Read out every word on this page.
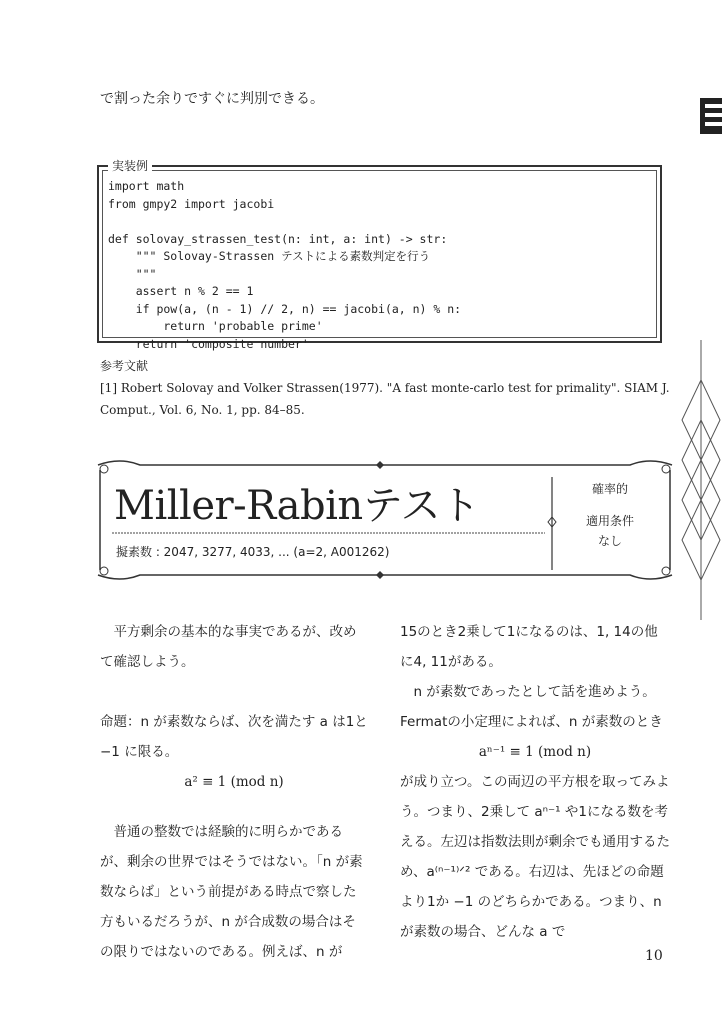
で割った余りですぐに判別できる。
実装例
import math
from gmpy2 import jacobi

def solovay_strassen_test(n: int, a: int) -> str:
""" Solovay-Strassen テストによる素数判定を行う
"""
assert n % 2 == 1
if pow(a, (n - 1) // 2, n) == jacobi(a, n) % n:
return 'probable prime'
return 'composite number'
参考文献
[1] Robert Solovay and Volker Strassen(1977). "A fast monte-carlo test for primality". SIAM J. Comput., Vol. 6, No. 1, pp. 84–85.
Miller-Rabinテスト
擬素数 : 2047, 3277, 4033, ... (a=2, A001262)
確率的
適用条件
なし

平方剰余の基本的な事実であるが、改めて確認しよう。

命題：n が素数ならば、次を満たす a は1と −1 に限る。

a² ≡ 1 (mod n)

普通の整数では経験的に明らかであるが、剰余の世界ではそうではない。「n が素数ならば」という前提がある時点で察した方もいるだろうが、n が合成数の場合はその限りではないのである。例えば、n が

15のとき2乗して1になるのは、1, 14の他に4, 11がある。

n が素数であったとして話を進めよう。Fermatの小定理によれば、n が素数のとき

aⁿ⁻¹ ≡ 1 (mod n)

が成り立つ。この両辺の平方根を取ってみよう。つまり、2乗して aⁿ⁻¹ や1になる数を考える。左辺は指数法則が剰余でも通用するため、a⁽ⁿ⁻¹⁾ᐟ² である。右辺は、先ほどの命題より1か −1 のどちらかである。つまり、n が素数の場合、どんな a で

10
